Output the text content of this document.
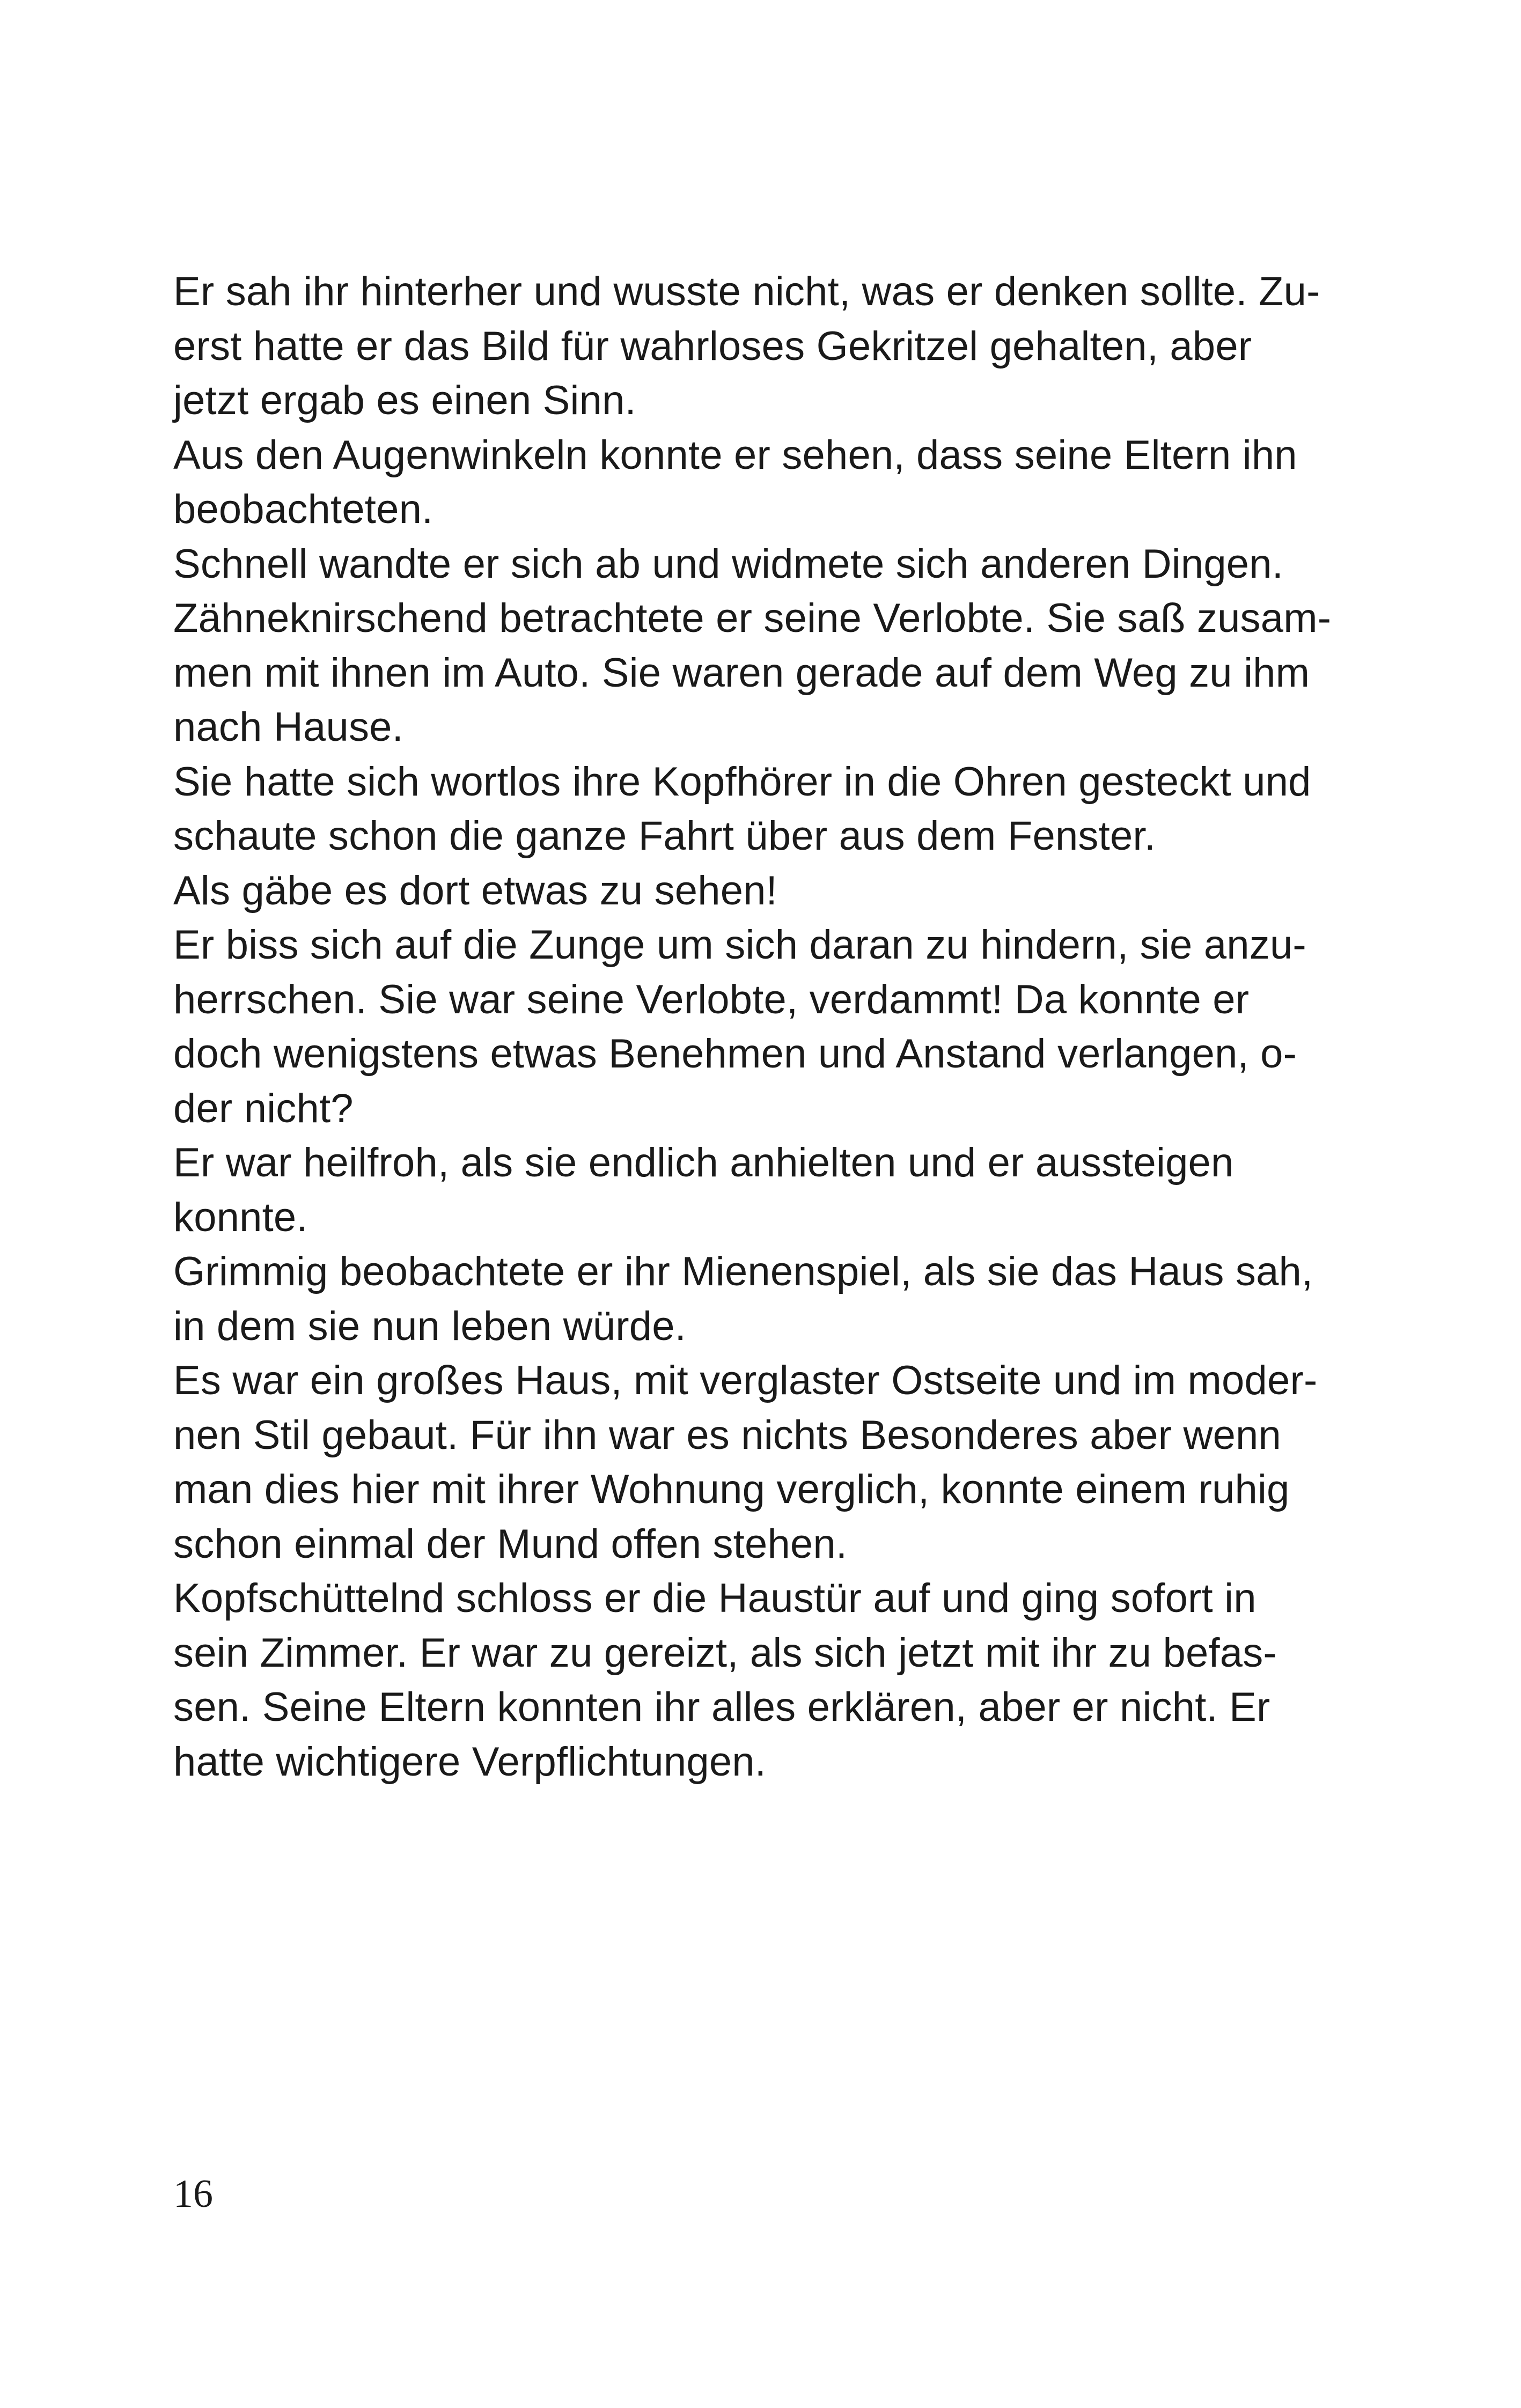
Er sah ihr hinterher und wusste nicht, was er denken sollte. Zu-
erst hatte er das Bild für wahrloses Gekritzel gehalten, aber
jetzt ergab es einen Sinn.
Aus den Augenwinkeln konnte er sehen, dass seine Eltern ihn
beobachteten.
Schnell wandte er sich ab und widmete sich anderen Dingen.
Zähneknirschend betrachtete er seine Verlobte. Sie saß zusam-
men mit ihnen im Auto. Sie waren gerade auf dem Weg zu ihm
nach Hause.
Sie hatte sich wortlos ihre Kopfhörer in die Ohren gesteckt und
schaute schon die ganze Fahrt über aus dem Fenster.
Als gäbe es dort etwas zu sehen!
Er biss sich auf die Zunge um sich daran zu hindern, sie anzu-
herrschen. Sie war seine Verlobte, verdammt! Da konnte er
doch wenigstens etwas Benehmen und Anstand verlangen, o-
der nicht?
Er war heilfroh, als sie endlich anhielten und er aussteigen
konnte.
Grimmig beobachtete er ihr Mienenspiel, als sie das Haus sah,
in dem sie nun leben würde.
Es war ein großes Haus, mit verglaster Ostseite und im moder-
nen Stil gebaut. Für ihn war es nichts Besonderes aber wenn
man dies hier mit ihrer Wohnung verglich, konnte einem ruhig
schon einmal der Mund offen stehen.
Kopfschüttelnd schloss er die Haustür auf und ging sofort in
sein Zimmer. Er war zu gereizt, als sich jetzt mit ihr zu befas-
sen. Seine Eltern konnten ihr alles erklären, aber er nicht. Er
hatte wichtigere Verpflichtungen.
16
